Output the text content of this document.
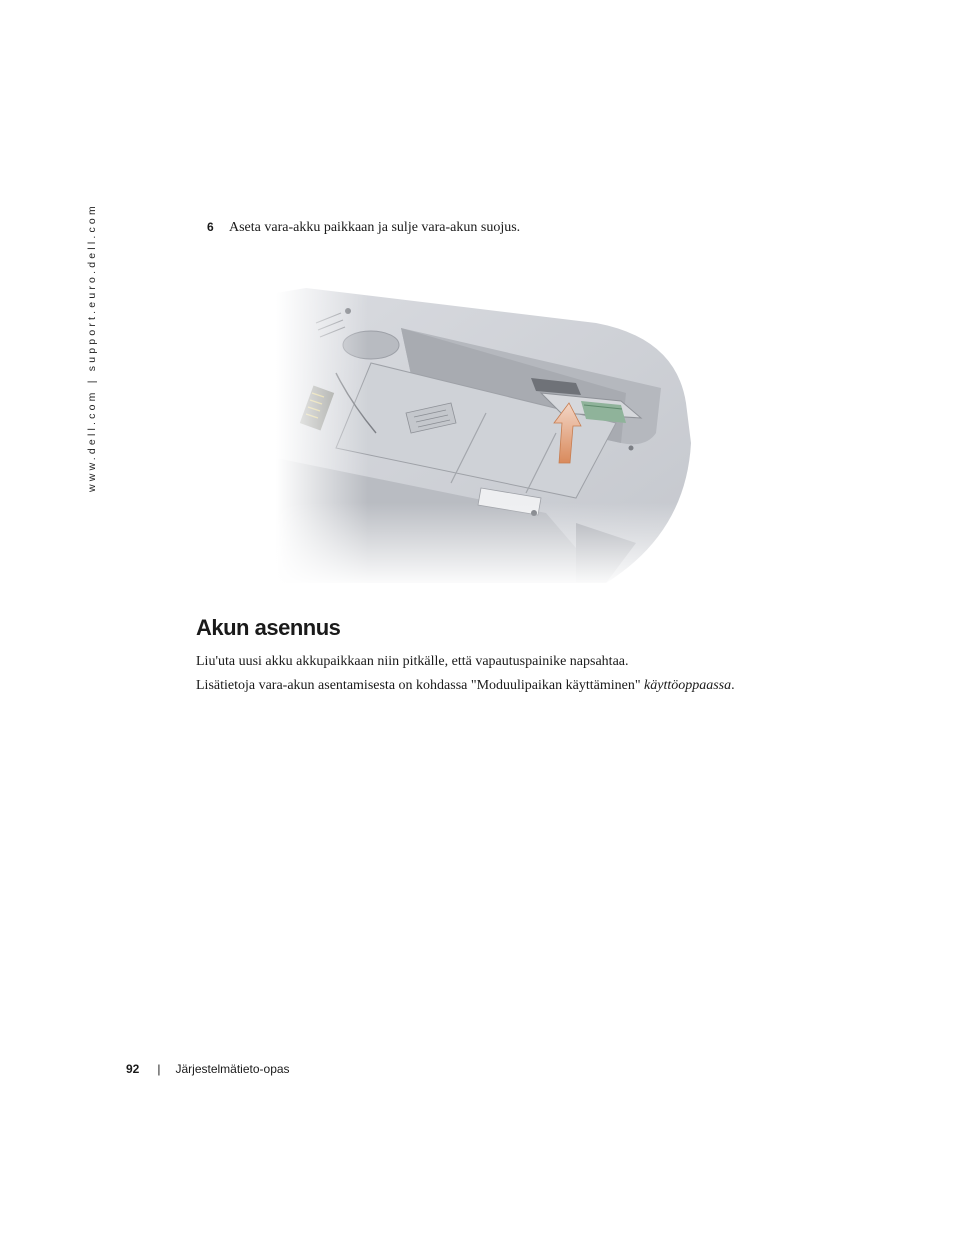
www.dell.com | support.euro.dell.com	6 Aseta vara-akku paikkaan ja sulje vara-akun suojus.
Akun asennus

Liu'uta uusi akku akkupaikkaan niin pitkälle, että vapautuspainike napsahtaa.

Lisätietoja vara-akun asentamisesta on kohdassa "Moduulipaikan käyttäminen" käyttöoppaassa.

92 | Järjestelmätieto-opas
